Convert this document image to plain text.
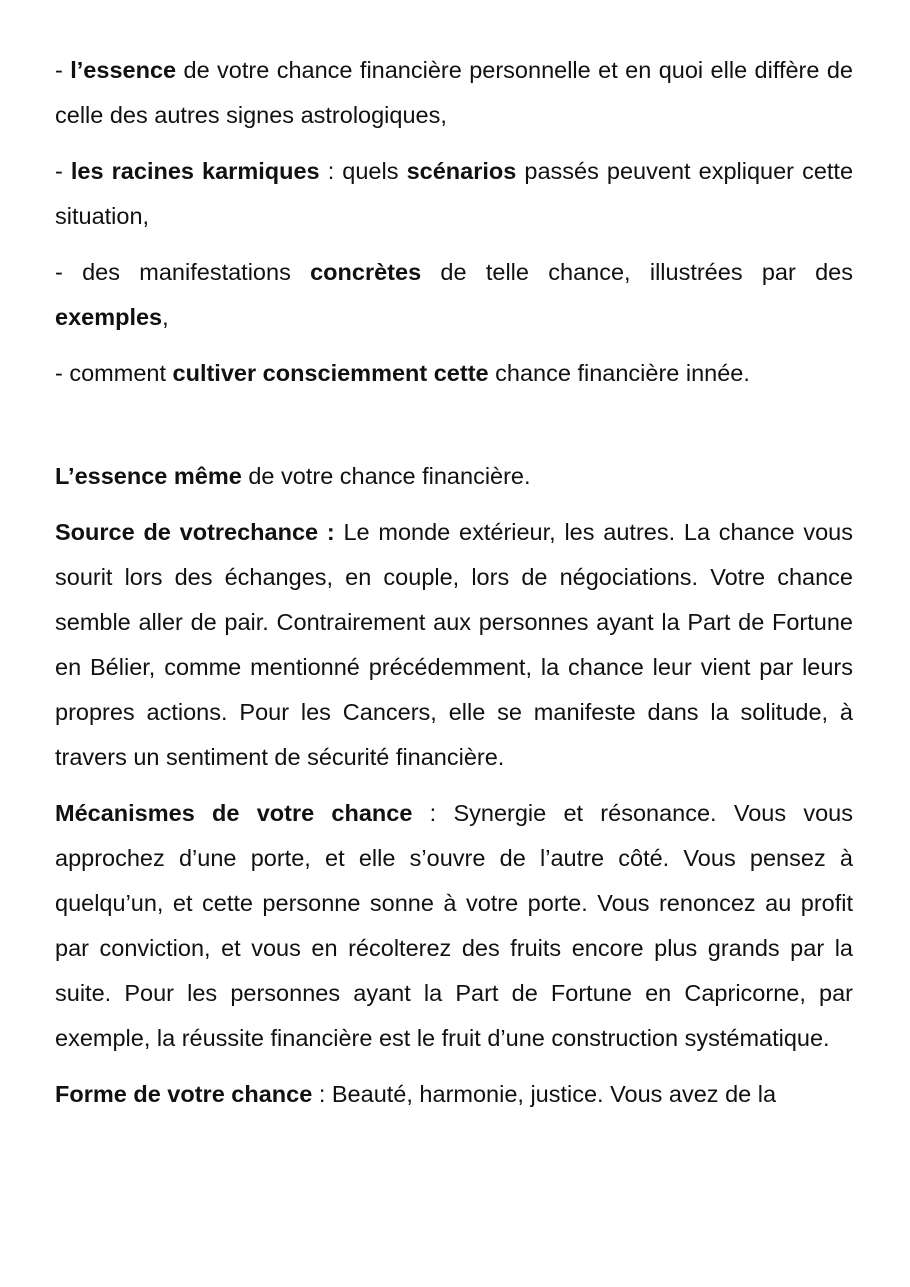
- l’essence de votre chance financière personnelle et en quoi elle diffère de celle des autres signes astrologiques,

- les racines karmiques : quels scénarios passés peuvent expliquer cette situation,

- des manifestations concrètes de telle chance, illustrées par des exemples,

- comment cultiver consciemment cette chance financière innée.

L’essence même de votre chance financière.

Source de votrechance : Le monde extérieur, les autres. La chance vous sourit lors des échanges, en couple, lors de négociations. Votre chance semble aller de pair. Contrairement aux personnes ayant la Part de Fortune en Bélier, comme mentionné précédemment, la chance leur vient par leurs propres actions. Pour les Cancers, elle se manifeste dans la solitude, à travers un sentiment de sécurité financière.

Mécanismes de votre chance : Synergie et résonance. Vous vous approchez d’une porte, et elle s’ouvre de l’autre côté. Vous pensez à quelqu’un, et cette personne sonne à votre porte. Vous renoncez au profit par conviction, et vous en récolterez des fruits encore plus grands par la suite. Pour les personnes ayant la Part de Fortune en Capricorne, par exemple, la réussite financière est le fruit d’une construction systématique.

Forme de votre chance : Beauté, harmonie, justice. Vous avez de la
